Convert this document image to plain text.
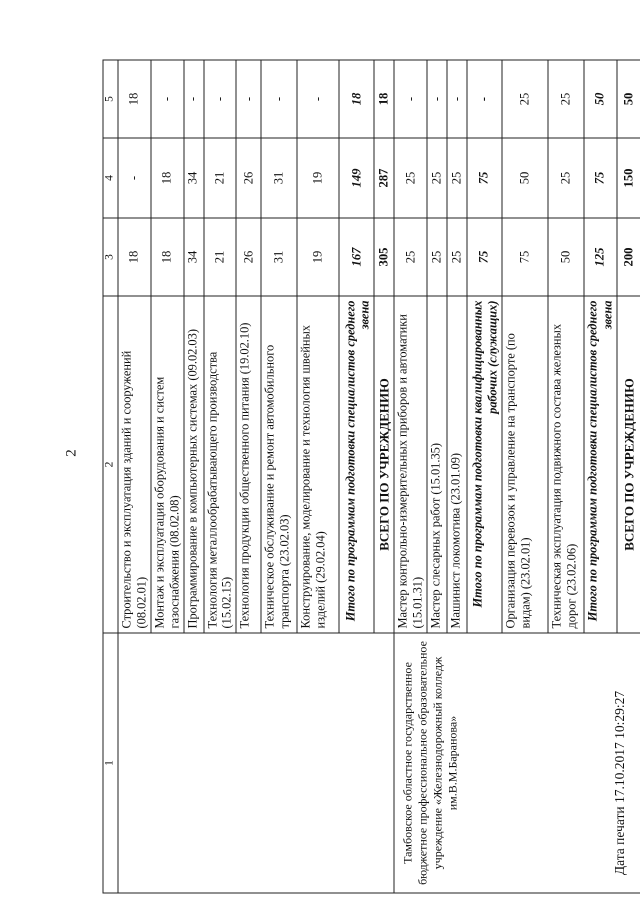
2
1	2	3	4	5
	Строительство и эксплуатация зданий и сооружений (08.02.01)	18	-	18
	Монтаж и эксплуатация оборудования и систем газоснабжения (08.02.08)	18	18	-
	Программирование в компьютерных системах (09.02.03)	34	34	-
	Технология металлообрабатывающего производства (15.02.15)	21	21	-
	Технология продукции общественного питания (19.02.10)	26	26	-
	Техническое обслуживание и ремонт автомобильного транспорта (23.02.03)	31	31	-
	Конструирование, моделирование и технология швейных изделий (29.02.04)	19	19	-
	Итого по программам подготовки специалистов среднего звена	167	149	18
	ВСЕГО ПО УЧРЕЖДЕНИЮ	305	287	18
Тамбовское областное государственное бюджетное профессиональное образовательное учреждение «Железнодорожный колледж им.В.М.Баранова»	Мастер контрольно-измерительных приборов и автоматики (15.01.31)	25	25	-
	Мастер слесарных работ (15.01.35)	25	25	-
	Машинист локомотива (23.01.09)	25	25	-
	Итого по программам подготовки квалифицированных рабочих (служащих)	75	75	-
	Организация перевозок и управление на транспорте (по видам) (23.02.01)	75	50	25
	Техническая эксплуатация подвижного состава железных дорог (23.02.06)	50	25	25
	Итого по программам подготовки специалистов среднего звена	125	75	50
	ВСЕГО ПО УЧРЕЖДЕНИЮ	200	150	50
Дата печати 17.10.2017 10:29:27
